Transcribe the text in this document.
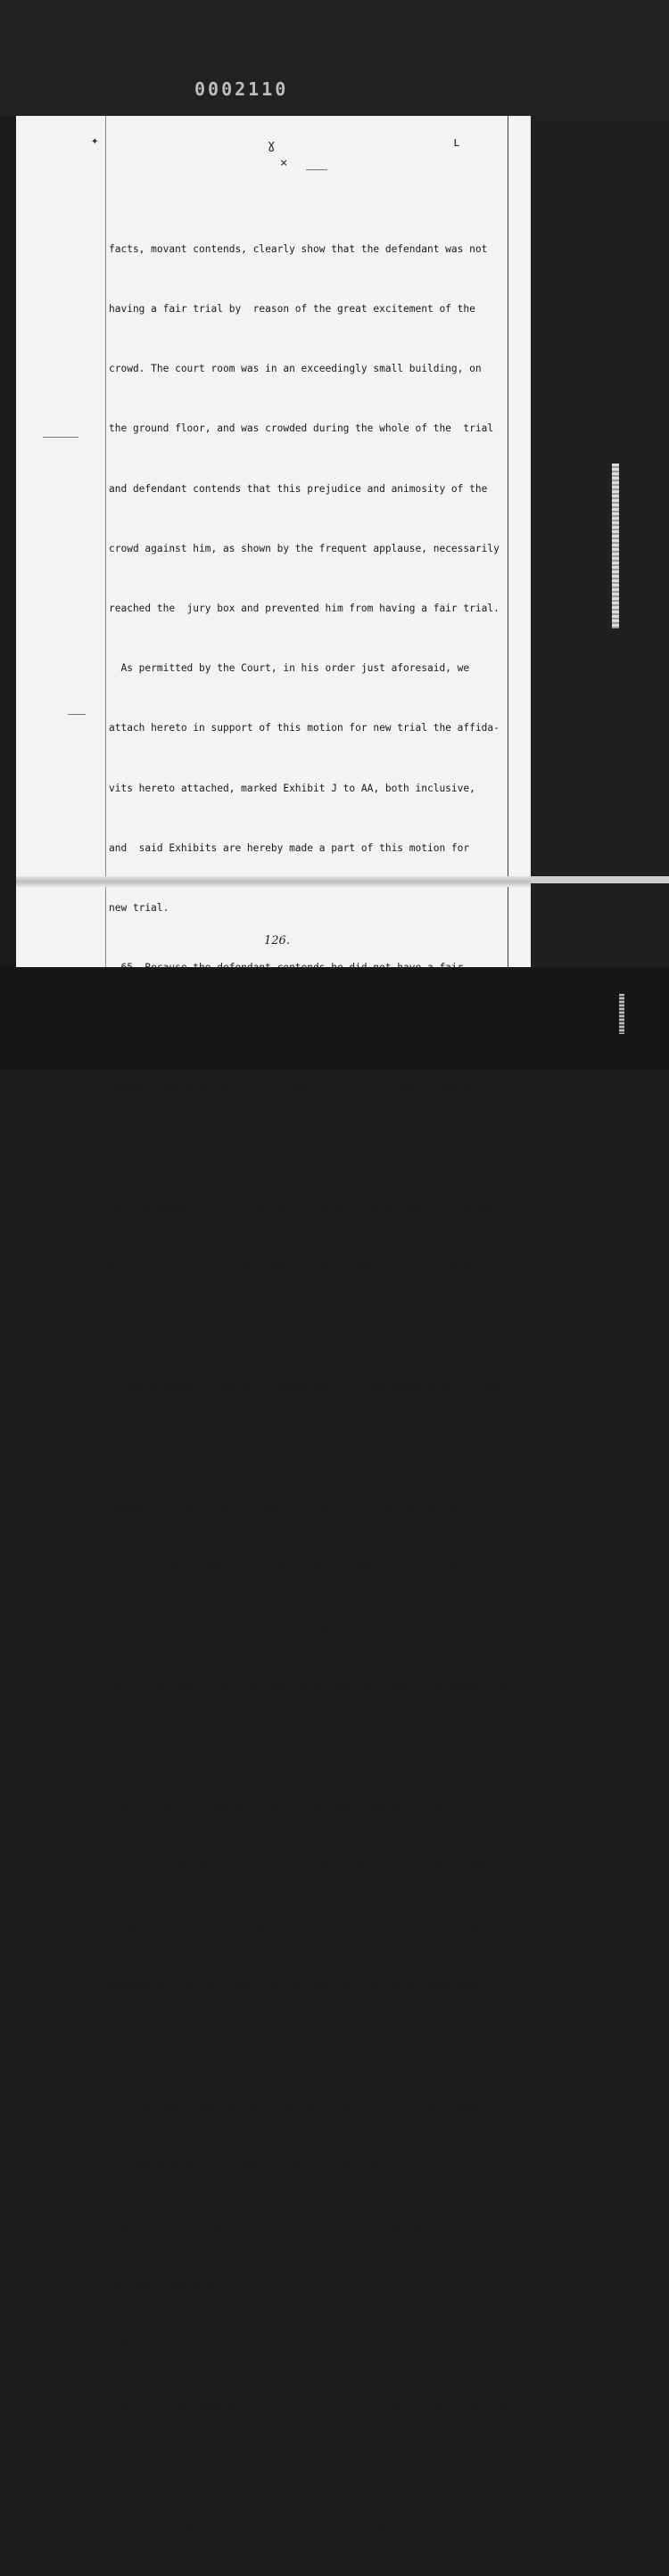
0002110
✦	ɣ	ʟ
⨯

facts, movant contends, clearly show that the defendant was not

having a fair trial by  reason of the great excitement of the

crowd. The court room was in an exceedingly small building, on

the ground floor, and was crowded during the whole of the  trial

and defendant contends that this prejudice and animosity of the

crowd against him, as shown by the frequent applause, necessarily

reached the  jury box and prevented him from having a fair trial.

As permitted by the Court, in his order just aforesaid, we

attach hereto in support of this motion for new trial the affida-

vits hereto attached, marked Exhibit J to AA, both inclusive,

and  said Exhibits are hereby made a part of this motion for

new trial.

Constitution and laws of this State for the following reasons,

to-wit:

(a). On August 6, 1913, during the trial, the defendant's counsel

moved to rule out the testimony of the witness Conley tending

to show acts of perversion and acts of immorality on the part

of the defendant, wholly disconnected with and disassociated from

this crime. The Court declined to rule out said testimony and

immediately upon the statement of the Court that he  would let

such testimony remain in evidence before the jury there was

instant, pronounced and continuous applause throughout the crowded

court room where the trial was being had, by clapping of hands and

by striking of feet upon the  floor.

While the jury was not then in the same room where the trial

was being had, they were in a room about 50 feet from where the

judge was sitting and about 20 feet from portions of the crowd

applauding, and so close that perhaps the jury could have heard

the appluding.

(b). And again during the trial, Mr. Arnold, one of the counsel

for the defendant, in the presence of the jury, objected to

a question asked by the solicitor, and the following

colloquy took place:

Mr. Arnold: I object to that, your Honor, that is  entering the

orders on that book merely; that is not the  question he is asking

now at all.

The Court: What is the question he is asking now?

126.
